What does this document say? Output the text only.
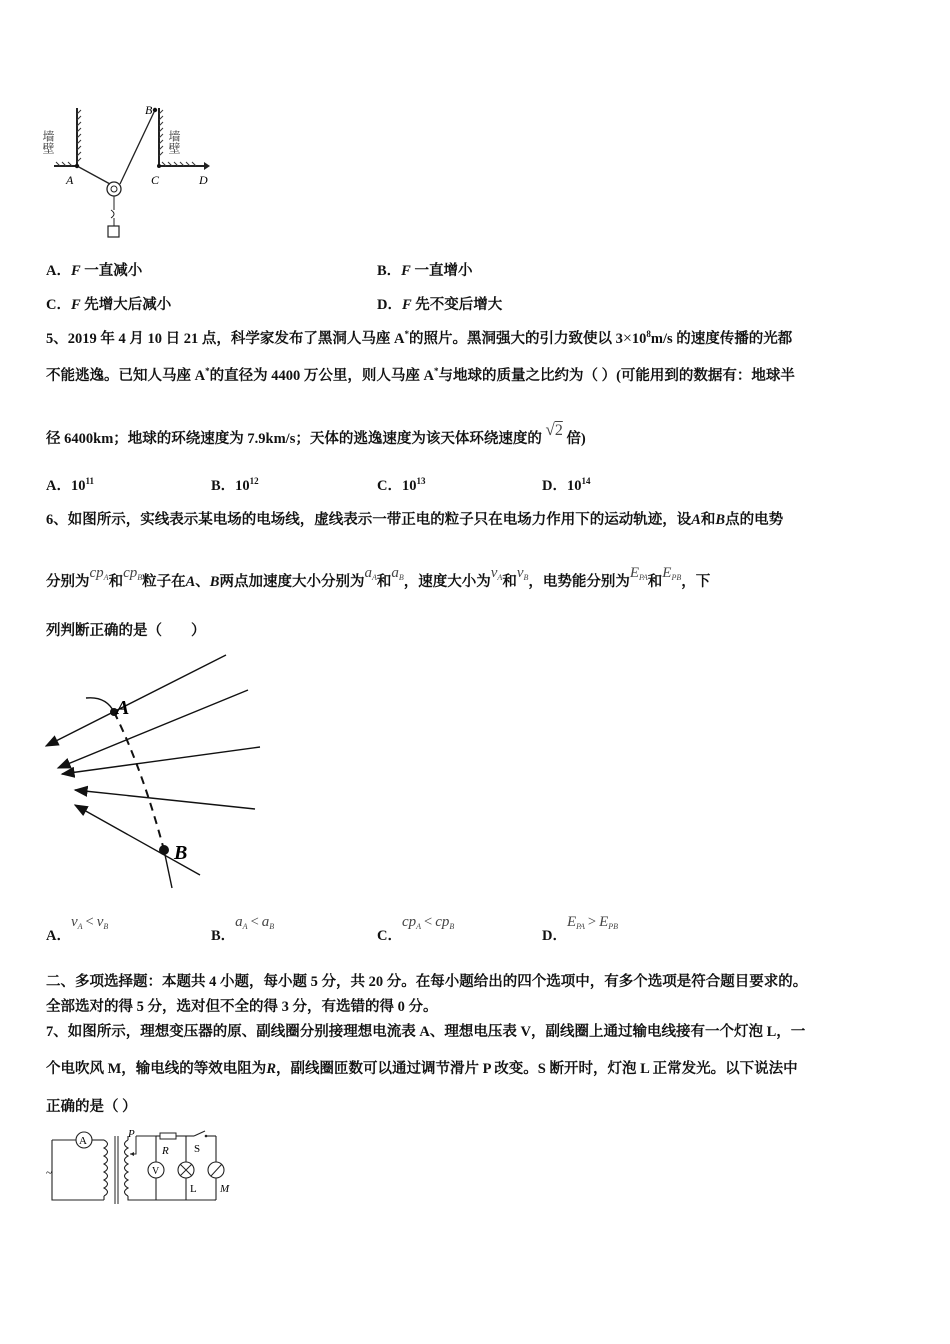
墙壁	墙壁
A
B
C	D
A．F 一直减小	B．F 一直增小
C．F 先增大后减小	D．F 先不变后增大
5、2019 年 4 月 10 日 21 点，科学家发布了黑洞人马座 A*的照片。黑洞强大的引力致使以 $3\times 10^8m/s$ 的速度传播的光都
不能逃逸。已知人马座 A*的直径为 4400 万公里，则人马座 A*与地球的质量之比约为（ ）(可能用到的数据有：地球半
径 6400km；地球的环绕速度为 7.9km/s；天体的逃逸速度为该天体环绕速度的 √2 倍)
A．$10^{11}$	B．$10^{12}$	C．$10^{13}$	D．$10^{14}$
6、如图所示，实线表示某电场的电场线，虚线表示一带正电的粒子只在电场力作用下的运动轨迹，设A和B点的电势
分别为$cp_A$和$cp_B$粒子在A、B两点加速度大小分别为$a_A$和$a_B$，速度大小为$v_A$和$v_B$，电势能分别为$E_{PA}$和$E_{PB}$，下
列判断正确的是（　　）
A
B
A．$v_A < v_B$
B．$a_A < a_B$
C．$cp_A < cp_B$
D．$E_{PA} > E_{PB}$
二、多项选择题：本题共 4 小题，每小题 5 分，共 20 分。在每小题给出的四个选项中，有多个选项是符合题目要求的。
全部选对的得 5 分，选对但不全的得 3 分，有选错的得 0 分。
7、如图所示，理想变压器的原、副线圈分别接理想电流表 A、理想电压表 V，副线圈上通过输电线接有一个灯泡 L，一
个电吹风 M，输电线的等效电阻为R，副线圈匝数可以通过调节滑片 P 改变。S 断开时，灯泡 L 正常发光。以下说法中
正确的是（ ）
A
~
P
V
R
L
S
M
